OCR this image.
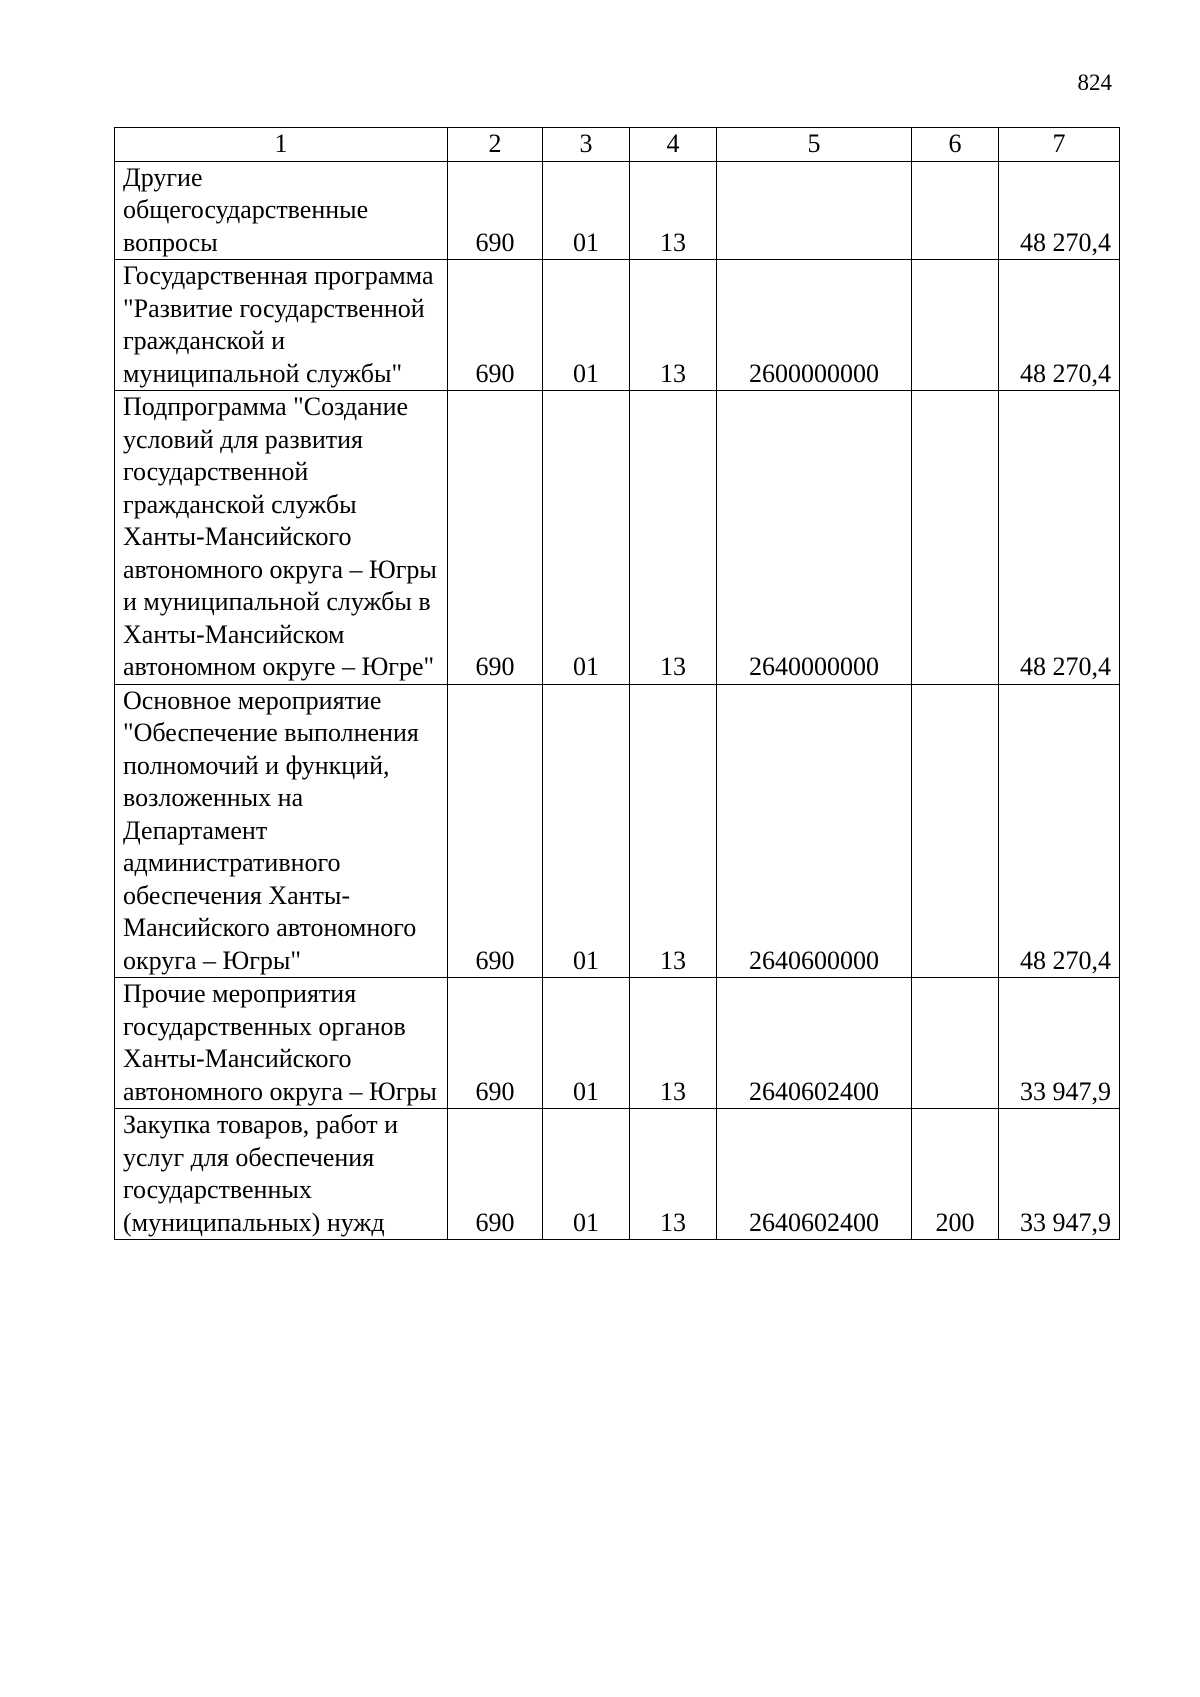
824
1	2	3	4	5	6	7
Другие общегосударственные вопросы	690	01	13			48 270,4
Государственная программа "Развитие государственной гражданской и муниципальной службы"	690	01	13	2600000000		48 270,4
Подпрограмма "Создание условий для развития государственной гражданской службы Ханты-Мансийского автономного округа – Югры и муниципальной службы в Ханты-Мансийском автономном округе – Югре"	690	01	13	2640000000		48 270,4
Основное мероприятие "Обеспечение выполнения полномочий и функций, возложенных на Департамент административного обеспечения Ханты-Мансийского автономного округа – Югры"	690	01	13	2640600000		48 270,4
Прочие мероприятия государственных органов Ханты-Мансийского автономного округа – Югры	690	01	13	2640602400		33 947,9
Закупка товаров, работ и услуг для обеспечения государственных (муниципальных) нужд	690	01	13	2640602400	200	33 947,9
